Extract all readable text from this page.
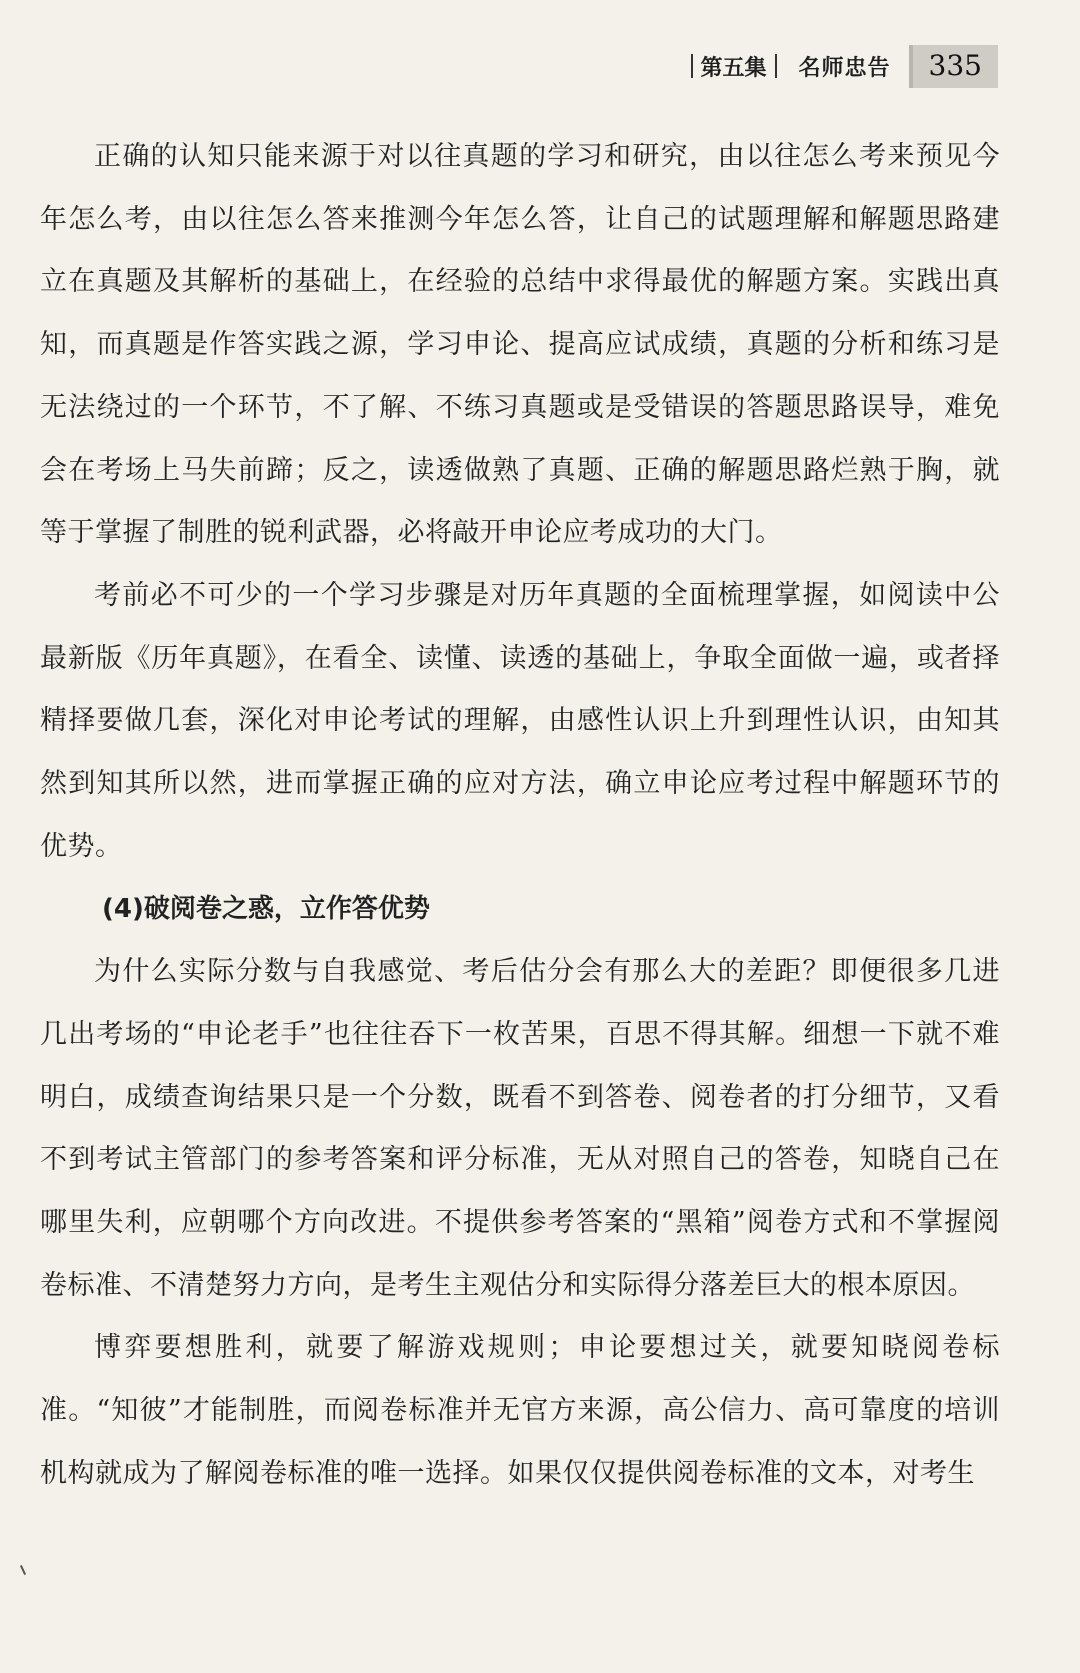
第五集 名师忠告	335

正确的认知只能来源于对以往真题的学习和研究，由以往怎么考来预见今年怎么考，由以往怎么答来推测今年怎么答，让自己的试题理解和解题思路建立在真题及其解析的基础上，在经验的总结中求得最优的解题方案。实践出真知，而真题是作答实践之源，学习申论、提高应试成绩，真题的分析和练习是无法绕过的一个环节，不了解、不练习真题或是受错误的答题思路误导，难免会在考场上马失前蹄；反之，读透做熟了真题、正确的解题思路烂熟于胸，就等于掌握了制胜的锐利武器，必将敲开申论应考成功的大门。

考前必不可少的一个学习步骤是对历年真题的全面梳理掌握，如阅读中公最新版《历年真题》，在看全、读懂、读透的基础上，争取全面做一遍，或者择精择要做几套，深化对申论考试的理解，由感性认识上升到理性认识，由知其然到知其所以然，进而掌握正确的应对方法，确立申论应考过程中解题环节的优势。

(4)破阅卷之惑，立作答优势

为什么实际分数与自我感觉、考后估分会有那么大的差距？即便很多几进几出考场的“申论老手”也往往吞下一枚苦果，百思不得其解。细想一下就不难明白，成绩查询结果只是一个分数，既看不到答卷、阅卷者的打分细节，又看不到考试主管部门的参考答案和评分标准，无从对照自己的答卷，知晓自己在哪里失利，应朝哪个方向改进。不提供参考答案的“黑箱”阅卷方式和不掌握阅卷标准、不清楚努力方向，是考生主观估分和实际得分落差巨大的根本原因。

博弈要想胜利，就要了解游戏规则；申论要想过关，就要知晓阅卷标准。“知彼”才能制胜，而阅卷标准并无官方来源，高公信力、高可靠度的培训机构就成为了解阅卷标准的唯一选择。如果仅仅提供阅卷标准的文本，对考生
